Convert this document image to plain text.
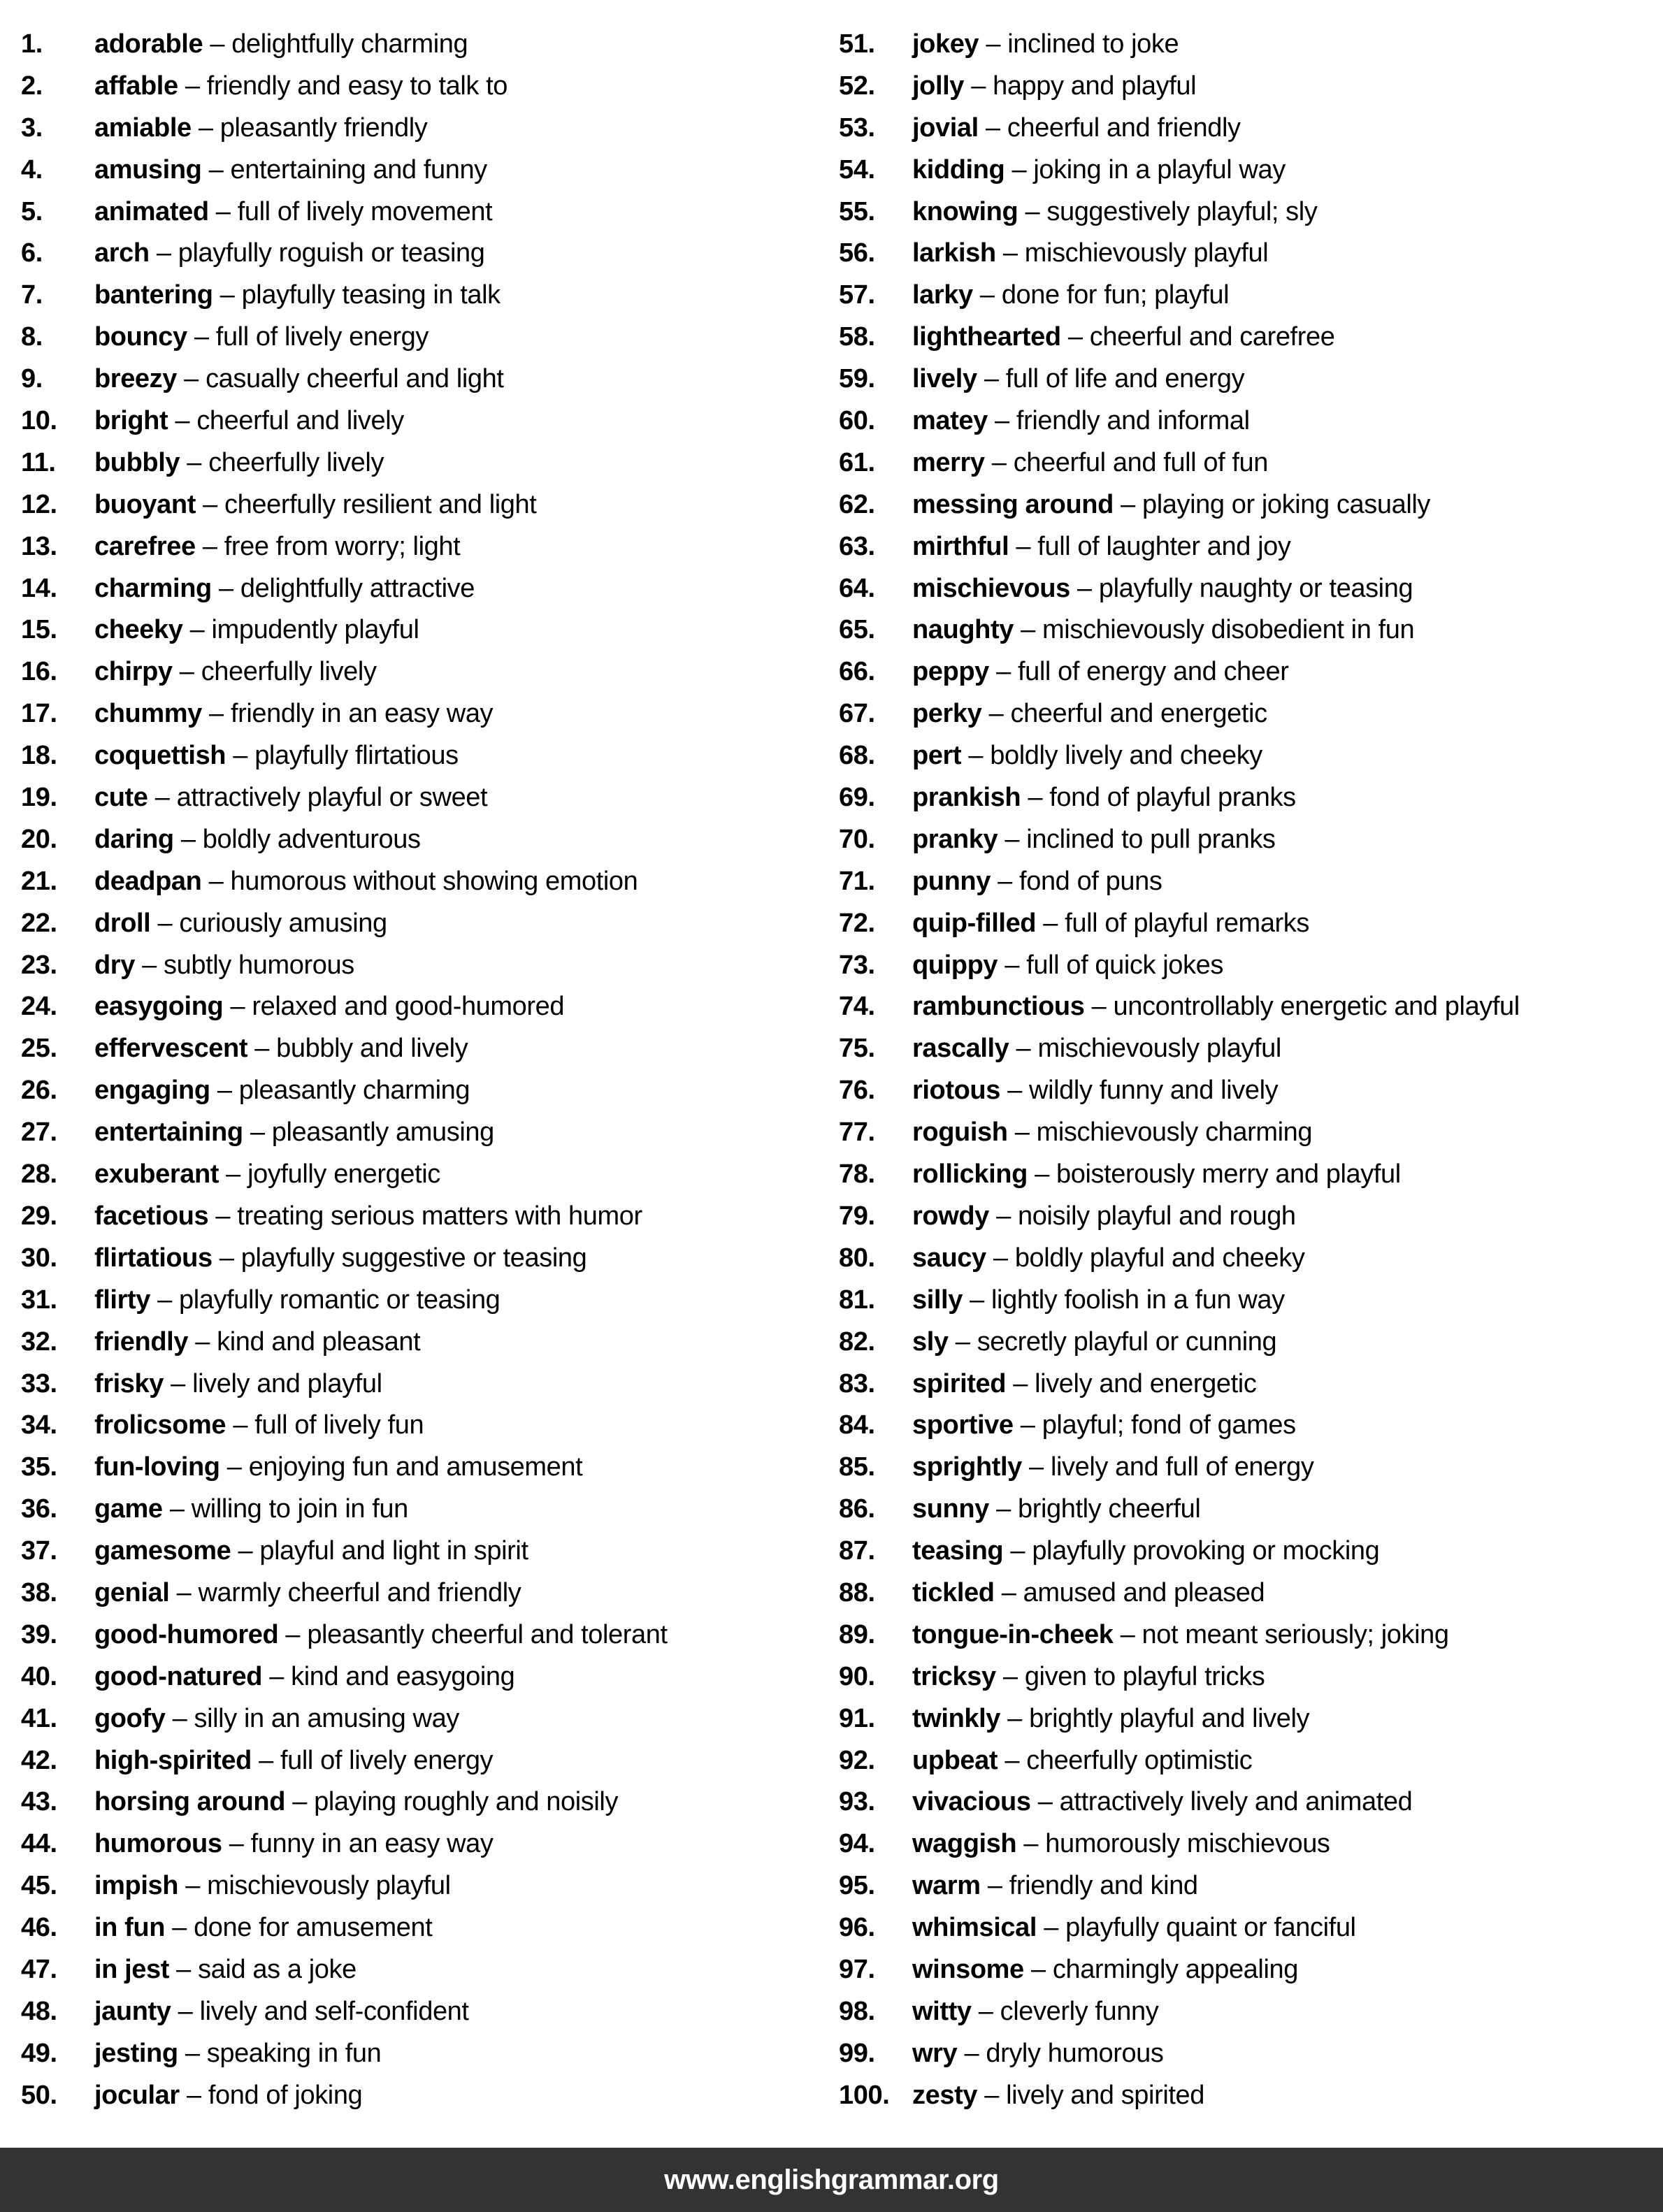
1.	adorable – delightfully charming
2.	affable – friendly and easy to talk to
3.	amiable – pleasantly friendly
4.	amusing – entertaining and funny
5.	animated – full of lively movement
6.	arch – playfully roguish or teasing
7.	bantering – playfully teasing in talk
8.	bouncy – full of lively energy
9.	breezy – casually cheerful and light
10.	bright – cheerful and lively
11.	bubbly – cheerfully lively
12.	buoyant – cheerfully resilient and light
13.	carefree – free from worry; light
14.	charming – delightfully attractive
15.	cheeky – impudently playful
16.	chirpy – cheerfully lively
17.	chummy – friendly in an easy way
18.	coquettish – playfully flirtatious
19.	cute – attractively playful or sweet
20.	daring – boldly adventurous
21.	deadpan – humorous without showing emotion
22.	droll – curiously amusing
23.	dry – subtly humorous
24.	easygoing – relaxed and good-humored
25.	effervescent – bubbly and lively
26.	engaging – pleasantly charming
27.	entertaining – pleasantly amusing
28.	exuberant – joyfully energetic
29.	facetious – treating serious matters with humor
30.	flirtatious – playfully suggestive or teasing
31.	flirty – playfully romantic or teasing
32.	friendly – kind and pleasant
33.	frisky – lively and playful
34.	frolicsome – full of lively fun
35.	fun-loving – enjoying fun and amusement
36.	game – willing to join in fun
37.	gamesome – playful and light in spirit
38.	genial – warmly cheerful and friendly
39.	good-humored – pleasantly cheerful and tolerant
40.	good-natured – kind and easygoing
41.	goofy – silly in an amusing way
42.	high-spirited – full of lively energy
43.	horsing around – playing roughly and noisily
44.	humorous – funny in an easy way
45.	impish – mischievously playful
46.	in fun – done for amusement
47.	in jest – said as a joke
48.	jaunty – lively and self-confident
49.	jesting – speaking in fun
50.	jocular – fond of joking
51.	jokey – inclined to joke
52.	jolly – happy and playful
53.	jovial – cheerful and friendly
54.	kidding – joking in a playful way
55.	knowing – suggestively playful; sly
56.	larkish – mischievously playful
57.	larky – done for fun; playful
58.	lighthearted – cheerful and carefree
59.	lively – full of life and energy
60.	matey – friendly and informal
61.	merry – cheerful and full of fun
62.	messing around – playing or joking casually
63.	mirthful – full of laughter and joy
64.	mischievous – playfully naughty or teasing
65.	naughty – mischievously disobedient in fun
66.	peppy – full of energy and cheer
67.	perky – cheerful and energetic
68.	pert – boldly lively and cheeky
69.	prankish – fond of playful pranks
70.	pranky – inclined to pull pranks
71.	punny – fond of puns
72.	quip-filled – full of playful remarks
73.	quippy – full of quick jokes
74.	rambunctious – uncontrollably energetic and playful
75.	rascally – mischievously playful
76.	riotous – wildly funny and lively
77.	roguish – mischievously charming
78.	rollicking – boisterously merry and playful
79.	rowdy – noisily playful and rough
80.	saucy – boldly playful and cheeky
81.	silly – lightly foolish in a fun way
82.	sly – secretly playful or cunning
83.	spirited – lively and energetic
84.	sportive – playful; fond of games
85.	sprightly – lively and full of energy
86.	sunny – brightly cheerful
87.	teasing – playfully provoking or mocking
88.	tickled – amused and pleased
89.	tongue-in-cheek – not meant seriously; joking
90.	tricksy – given to playful tricks
91.	twinkly – brightly playful and lively
92.	upbeat – cheerfully optimistic
93.	vivacious – attractively lively and animated
94.	waggish – humorously mischievous
95.	warm – friendly and kind
96.	whimsical – playfully quaint or fanciful
97.	winsome – charmingly appealing
98.	witty – cleverly funny
99.	wry – dryly humorous
100. zesty – lively and spirited
www.englishgrammar.org
